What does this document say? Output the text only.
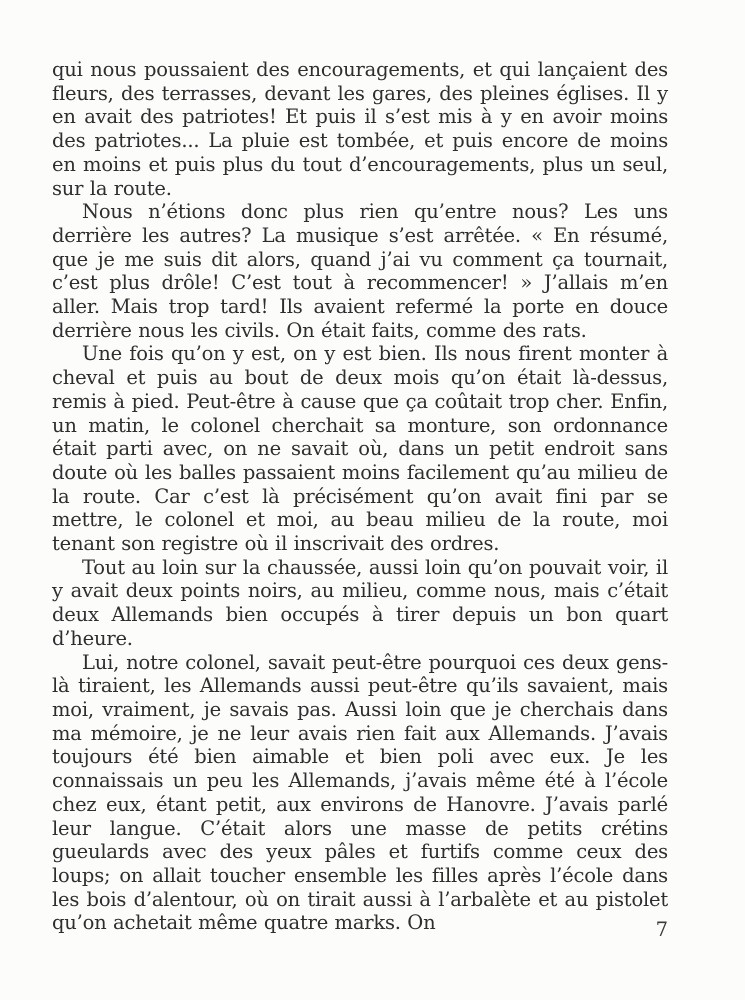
qui nous poussaient des encouragements, et qui lançaient des fleurs, des terrasses, devant les gares, des pleines églises. Il y en avait des patriotes! Et puis il s’est mis à y en avoir moins des patriotes... La pluie est tombée, et puis encore de moins en moins et puis plus du tout d’encouragements, plus un seul, sur la route.

Nous n’étions donc plus rien qu’entre nous? Les uns derrière les autres? La musique s’est arrêtée. « En résumé, que je me suis dit alors, quand j’ai vu comment ça tournait, c’est plus drôle! C’est tout à recommencer! » J’allais m’en aller. Mais trop tard! Ils avaient refermé la porte en douce derrière nous les civils. On était faits, comme des rats.

Une fois qu’on y est, on y est bien. Ils nous firent monter à cheval et puis au bout de deux mois qu’on était là-dessus, remis à pied. Peut-être à cause que ça coûtait trop cher. Enfin, un matin, le colonel cherchait sa monture, son ordonnance était parti avec, on ne savait où, dans un petit endroit sans doute où les balles passaient moins facilement qu’au milieu de la route. Car c’est là précisément qu’on avait fini par se mettre, le colonel et moi, au beau milieu de la route, moi tenant son registre où il inscrivait des ordres.

Tout au loin sur la chaussée, aussi loin qu’on pouvait voir, il y avait deux points noirs, au milieu, comme nous, mais c’était deux Allemands bien occupés à tirer depuis un bon quart d’heure.

Lui, notre colonel, savait peut-être pourquoi ces deux gens-là tiraient, les Allemands aussi peut-être qu’ils savaient, mais moi, vraiment, je savais pas. Aussi loin que je cherchais dans ma mémoire, je ne leur avais rien fait aux Allemands. J’avais toujours été bien aimable et bien poli avec eux. Je les connaissais un peu les Allemands, j’avais même été à l’école chez eux, étant petit, aux environs de Hanovre. J’avais parlé leur langue. C’était alors une masse de petits crétins gueulards avec des yeux pâles et furtifs comme ceux des loups; on allait toucher ensemble les filles après l’école dans les bois d’alentour, où on tirait aussi à l’arbalète et au pistolet qu’on achetait même quatre marks. On	7
